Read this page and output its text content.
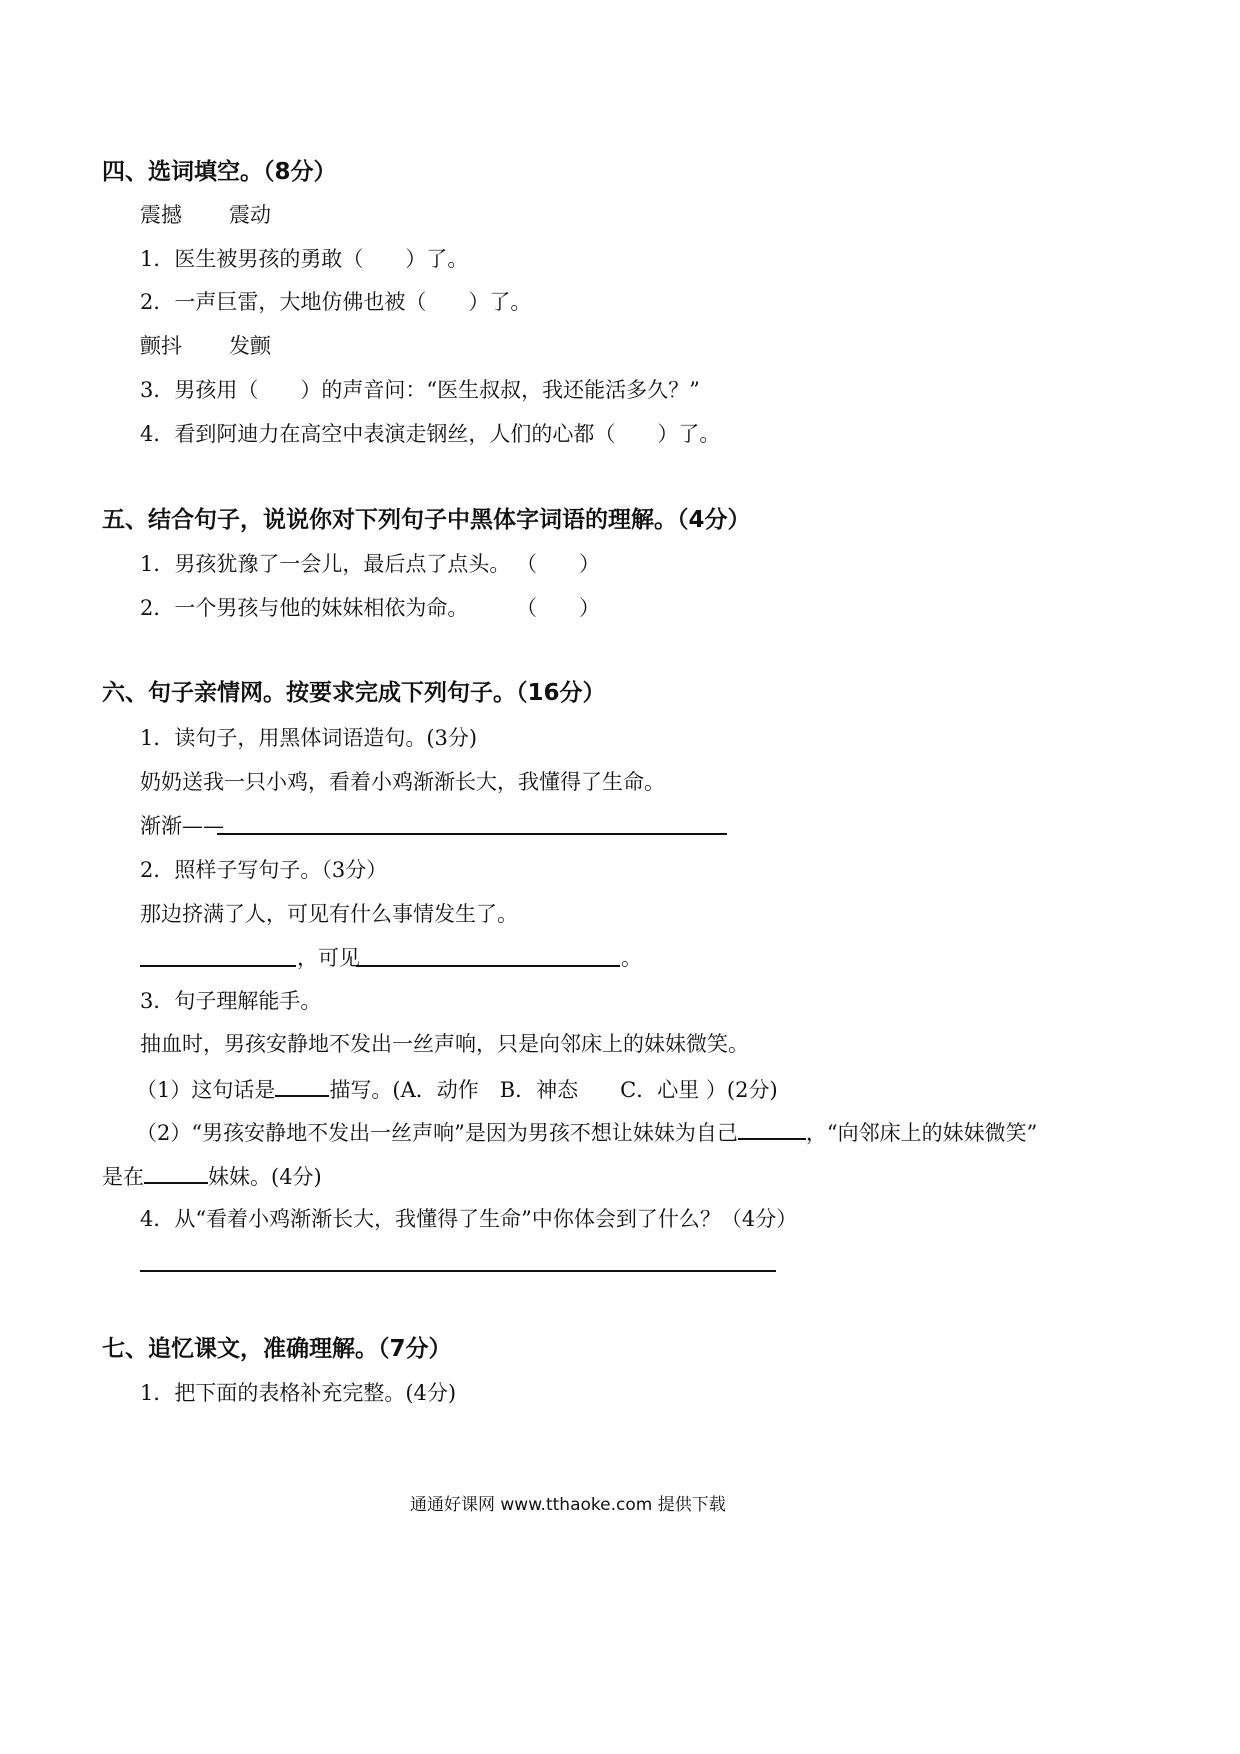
四、选词填空。（8分）
震撼 震动
1．医生被男孩的勇敢（　　）了。
2．一声巨雷，大地仿佛也被（　　）了。
颤抖 发颤
3．男孩用（　　）的声音问：“医生叔叔，我还能活多久？”
4．看到阿迪力在高空中表演走钢丝，人们的心都（　　）了。
五、结合句子，说说你对下列句子中黑体字词语的理解。（4分）
1．男孩犹豫了一会儿，最后点了点头。 （　　）
2．一个男孩与他的妹妹相依为命。 （　　）
六、句子亲情网。按要求完成下列句子。（16分）
1．读句子，用黑体词语造句。(3分)
奶奶送我一只小鸡，看着小鸡渐渐长大，我懂得了生命。
渐渐——
2．照样子写句子。（3分）
那边挤满了人，可见有什么事情发生了。
，可见	。
3．句子理解能手。
抽血时，男孩安静地不发出一丝声响，只是向邻床上的妹妹微笑。
（1）这句话是	描写。(A．动作　B．神态　　C．心里 ）(2分)
（2）“男孩安静地不发出一丝声响”是因为男孩不想让妹妹为自己	，“向邻床上的妹妹微笑”
是在	妹妹。(4分)
4．从“看着小鸡渐渐长大，我懂得了生命”中你体会到了什么？（4分）
七、追忆课文，准确理解。（7分）
1．把下面的表格补充完整。(4分)
通通好课网 www.tthaoke.com 提供下载
